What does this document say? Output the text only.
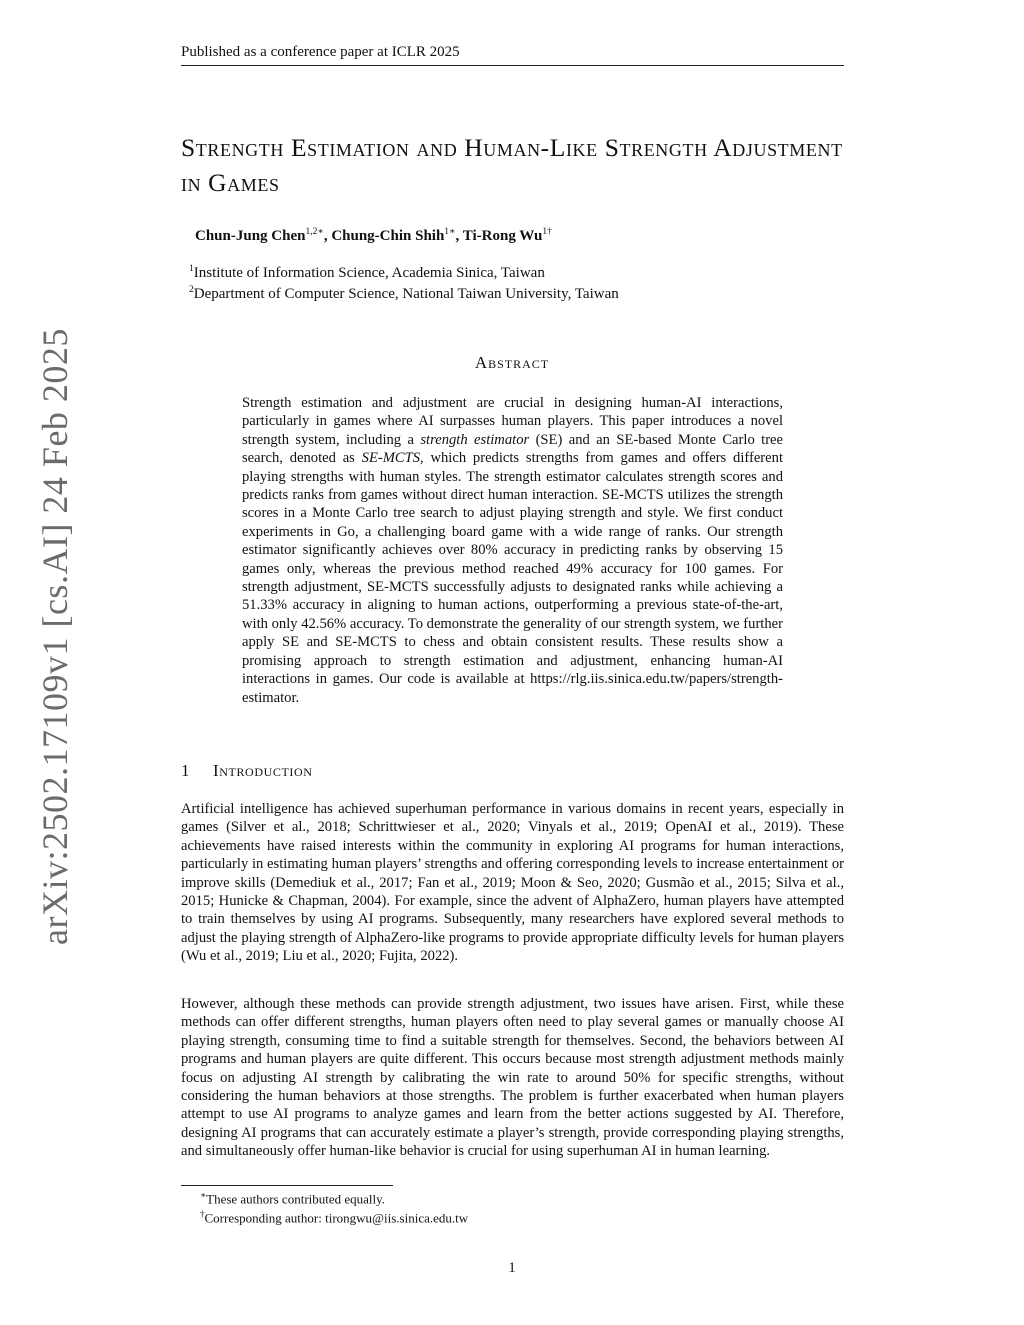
Published as a conference paper at ICLR 2025
Strength Estimation and Human-Like Strength Adjustment in Games
Chun-Jung Chen$^{1,2∗}$, Chung-Chin Shih$^{1∗}$, Ti-Rong $Wu^{1\dagger}$
$^1$Institute of Information Science, Academia Sinica, Taiwan
$^2$Department of Computer Science, National Taiwan University, Taiwan
Abstract
Strength estimation and adjustment are crucial in designing human-AI interactions, particularly in games where AI surpasses human players. This paper introduces a novel strength system, including a strength estimator (SE) and an SE-based Monte Carlo tree search, denoted as SE-MCTS, which predicts strengths from games and offers different playing strengths with human styles. The strength estimator calculates strength scores and predicts ranks from games without direct human interaction. SE-MCTS utilizes the strength scores in a Monte Carlo tree search to adjust playing strength and style. We first conduct experiments in Go, a challenging board game with a wide range of ranks. Our strength estimator significantly achieves over 80% accuracy in predicting ranks by observing 15 games only, whereas the previous method reached 49% accuracy for 100 games. For strength adjustment, SE-MCTS successfully adjusts to designated ranks while achieving a 51.33% accuracy in aligning to human actions, outperforming a previous state-of-the-art, with only 42.56% accuracy. To demonstrate the generality of our strength system, we further apply SE and SE-MCTS to chess and obtain consistent results. These results show a promising approach to strength estimation and adjustment, enhancing human-AI interactions in games. Our code is available at https://rlg.iis.sinica.edu.tw/papers/strength-estimator.
1 Introduction

Artificial intelligence has achieved superhuman performance in various domains in recent years, especially in games (Silver et al., 2018; Schrittwieser et al., 2020; Vinyals et al., 2019; OpenAI et al., 2019). These achievements have raised interests within the community in exploring AI programs for human interactions, particularly in estimating human players’ strengths and offering corresponding levels to increase entertainment or improve skills (Demediuk et al., 2017; Fan et al., 2019; Moon & Seo, 2020; Gusmão et al., 2015; Silva et al., 2015; Hunicke & Chapman, 2004). For example, since the advent of AlphaZero, human players have attempted to train themselves by using AI programs. Subsequently, many researchers have explored several methods to adjust the playing strength of AlphaZero-like programs to provide appropriate difficulty levels for human players (Wu et al., 2019; Liu et al., 2020; Fujita, 2022).

However, although these methods can provide strength adjustment, two issues have arisen. First, while these methods can offer different strengths, human players often need to play several games or manually choose AI playing strength, consuming time to find a suitable strength for themselves. Second, the behaviors between AI programs and human players are quite different. This occurs because most strength adjustment methods mainly focus on adjusting AI strength by calibrating the win rate to around 50% for specific strengths, without considering the human behaviors at those strengths. The problem is further exacerbated when human players attempt to use AI programs to analyze games and learn from the better actions suggested by AI. Therefore, designing AI programs that can accurately estimate a player’s strength, provide corresponding playing strengths, and simultaneously offer human-like behavior is crucial for using superhuman AI in human learning.

∗These authors contributed equally.
†Corresponding author: tirongwu@iis.sinica.edu.tw
1
arXiv:2502.17109v1 [cs.AI] 24 Feb 2025
